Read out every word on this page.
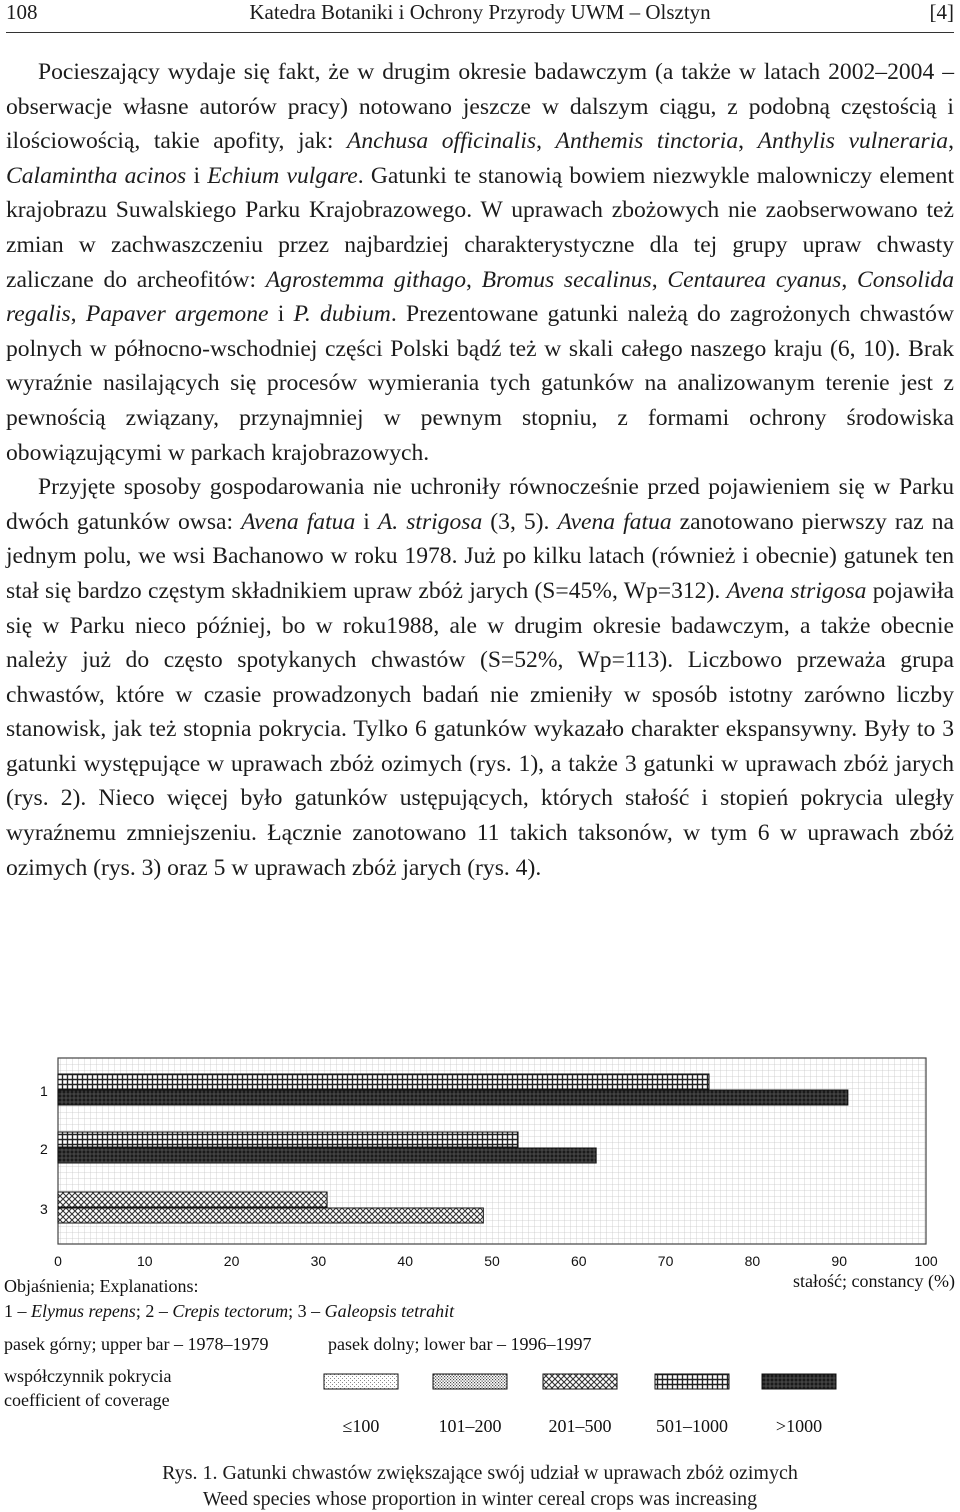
108	Katedra Botaniki i Ochrony Przyrody UWM – Olsztyn	[4]

Pocieszający wydaje się fakt, że w drugim okresie badawczym (a także w latach 2002–2004 – obserwacje własne autorów pracy) notowano jeszcze w dalszym ciągu, z podobną częstością i ilościowością, takie apofity, jak: Anchusa officinalis, Anthemis tinctoria, Anthylis vulneraria, Calamintha acinos i Echium vulgare. Gatunki te stanowią bowiem niezwykle malowniczy element krajobrazu Suwalskiego Parku Krajobrazowego. W uprawach zbożowych nie zaobserwowano też zmian w zachwaszczeniu przez najbardziej charakterystyczne dla tej grupy upraw chwasty zaliczane do archeofitów: Agrostemma githago, Bromus secalinus, Centaurea cyanus, Consolida regalis, Papaver argemone i P. dubium. Prezentowane gatunki należą do zagrożonych chwastów polnych w północno-wschodniej części Polski bądź też w skali całego naszego kraju (6, 10). Brak wyraźnie nasilających się procesów wymierania tych gatunków na analizowanym terenie jest z pewnością związany, przynajmniej w pewnym stopniu, z formami ochrony środowiska obowiązującymi w parkach krajobrazowych.

Przyjęte sposoby gospodarowania nie uchroniły równocześnie przed pojawieniem się w Parku dwóch gatunków owsa: Avena fatua i A. strigosa (3, 5). Avena fatua zanotowano pierwszy raz na jednym polu, we wsi Bachanowo w roku 1978. Już po kilku latach (również i obecnie) gatunek ten stał się bardzo częstym składnikiem upraw zbóż jarych (S=45%, Wp=312). Avena strigosa pojawiła się w Parku nieco później, bo w roku1988, ale w drugim okresie badawczym, a także obecnie należy już do często spotykanych chwastów (S=52%, Wp=113). Liczbowo przeważa grupa chwastów, które w czasie prowadzonych badań nie zmieniły w sposób istotny zarówno liczby stanowisk, jak też stopnia pokrycia. Tylko 6 gatunków wykazało charakter ekspansywny. Były to 3 gatunki występujące w uprawach zbóż ozimych (rys. 1), a także 3 gatunki w uprawach zbóż jarych (rys. 2). Nieco więcej było gatunków ustępujących, których stałość i stopień pokrycia uległy wyraźnemu zmniejszeniu. Łącznie zanotowano 11 takich taksonów, w tym 6 w uprawach zbóż ozimych (rys. 3) oraz 5 w uprawach zbóż jarych (rys. 4).

1
2
3
0	10	20	30	40	50	60	70	80	90	100
stałość; constancy (%)
Objaśnienia; Explanations:
1 – Elymus repens; 2 – Crepis tectorum; 3 – Galeopsis tetrahit
pasek górny; upper bar – 1978–1979	pasek dolny; lower bar – 1996–1997
współczynnik pokrycia
coefficient of coverage
≤100	101–200	201–500 501–1000	>1000
Rys. 1. Gatunki chwastów zwiększające swój udział w uprawach zbóż ozimych
Weed species whose proportion in winter cereal crops was increasing
